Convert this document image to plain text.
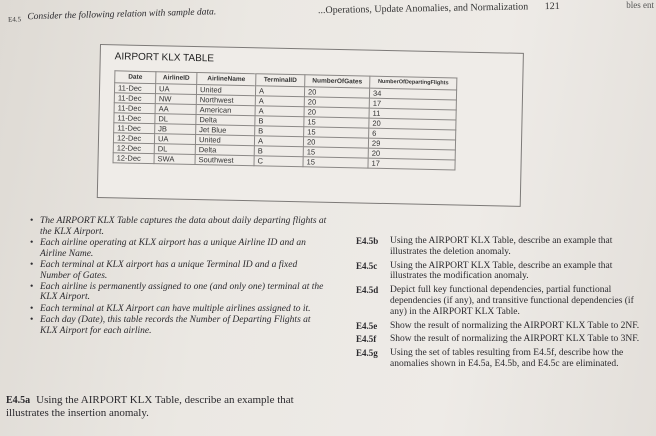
...Operations, Update Anomalies, and Normalization 121	bles ent
$_{E4.5}$ Consider the following relation with sample data.
AIRPORT KLX TABLE
Date	AirlineID	AirlineName	TerminalID	NumberOfGates	NumberOfDepartingFlights
11-Dec	UA	United	A	20	34
11-Dec	NW	Northwest	A	20	17
11-Dec	AA	American	A	20	11
11-Dec	DL	Delta	B	15	20
11-Dec	JB	Jet Blue	B	15	6
12-Dec	UA	United	A	20	29
12-Dec	DL	Delta	B	15	20
12-Dec	SWA	Southwest	C	15	17
• The AIRPORT KLX Table captures the data about daily departing flights at the KLX Airport.
• Each airline operating at KLX airport has a unique Airline ID and an Airline Name.
• Each terminal at KLX airport has a unique Terminal ID and a fixed Number of Gates.
• Each airline is permanently assigned to one (and only one) terminal at the KLX Airport.
• Each terminal at KLX Airport can have multiple airlines assigned to it.
• Each day (Date), this table records the Number of Departing Flights at KLX Airport for each airline.
E4.5a Using the AIRPORT KLX Table, describe an example that illustrates the insertion anomaly.
E4.5b	Using the AIRPORT KLX Table, describe an example that illustrates the deletion anomaly.
E4.5c	Using the AIRPORT KLX Table, describe an example that illustrates the modification anomaly.
E4.5d	Depict full key functional dependencies, partial functional dependencies (if any), and transitive functional dependencies (if any) in the AIRPORT KLX Table.
E4.5e	Show the result of normalizing the AIRPORT KLX Table to 2NF.
E4.5f	Show the result of normalizing the AIRPORT KLX Table to 3NF.
E4.5g	Using the set of tables resulting from E4.5f, describe how the anomalies shown in E4.5a, E4.5b, and E4.5c are eliminated.
